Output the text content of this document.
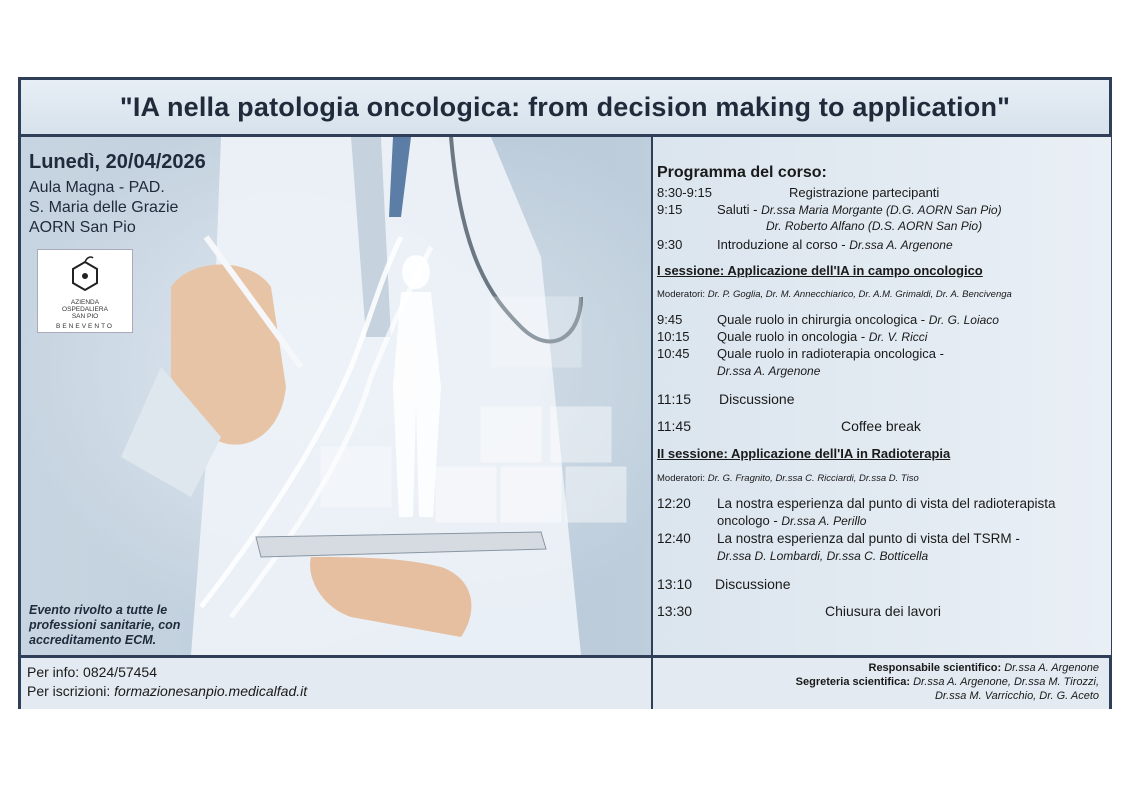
"IA nella patologia oncologica: from decision making to application"
Lunedì, 20/04/2026
Aula Magna - PAD.
S. Maria delle Grazie
AORN San Pio
AZIENDA
OSPEDALIERA
SAN PIO
BENEVENTO
Evento rivolto a tutte le professioni sanitarie, con accreditamento ECM.
Programma del corso:
8:30-9:15	Registrazione partecipanti
9:15	Saluti - Dr.ssa Maria Morgante (D.G. AORN San Pio)
Dr. Roberto Alfano (D.S. AORN San Pio)
9:30	Introduzione al corso - Dr.ssa A. Argenone
I sessione: Applicazione dell'IA in campo oncologico
Moderatori: Dr. P. Goglia, Dr. M. Annecchiarico, Dr. A.M. Grimaldi, Dr. A. Bencivenga
9:45	Quale ruolo in chirurgia oncologica - Dr. G. Loiaco
10:15 Quale ruolo in oncologia - Dr. V. Ricci
10:45 Quale ruolo in radioterapia oncologica -
Dr.ssa A. Argenone
11:15 Discussione
11:45	Coffee break
II sessione: Applicazione dell'IA in Radioterapia
Moderatori: Dr. G. Fragnito, Dr.ssa C. Ricciardi, Dr.ssa D. Tiso
12:20 La nostra esperienza dal punto di vista del radioterapista
oncologo - Dr.ssa A. Perillo
12:40 La nostra esperienza dal punto di vista del TSRM -
Dr.ssa D. Lombardi, Dr.ssa C. Botticella
13:10 Discussione
13:30	Chiusura dei lavori
Per info: 0824/57454
Per iscrizioni: formazionesanpio.medicalfad.it
Responsabile scientifico: Dr.ssa A. Argenone
Segreteria scientifica: Dr.ssa A. Argenone, Dr.ssa M. Tirozzi,
Dr.ssa M. Varricchio, Dr. G. Aceto
